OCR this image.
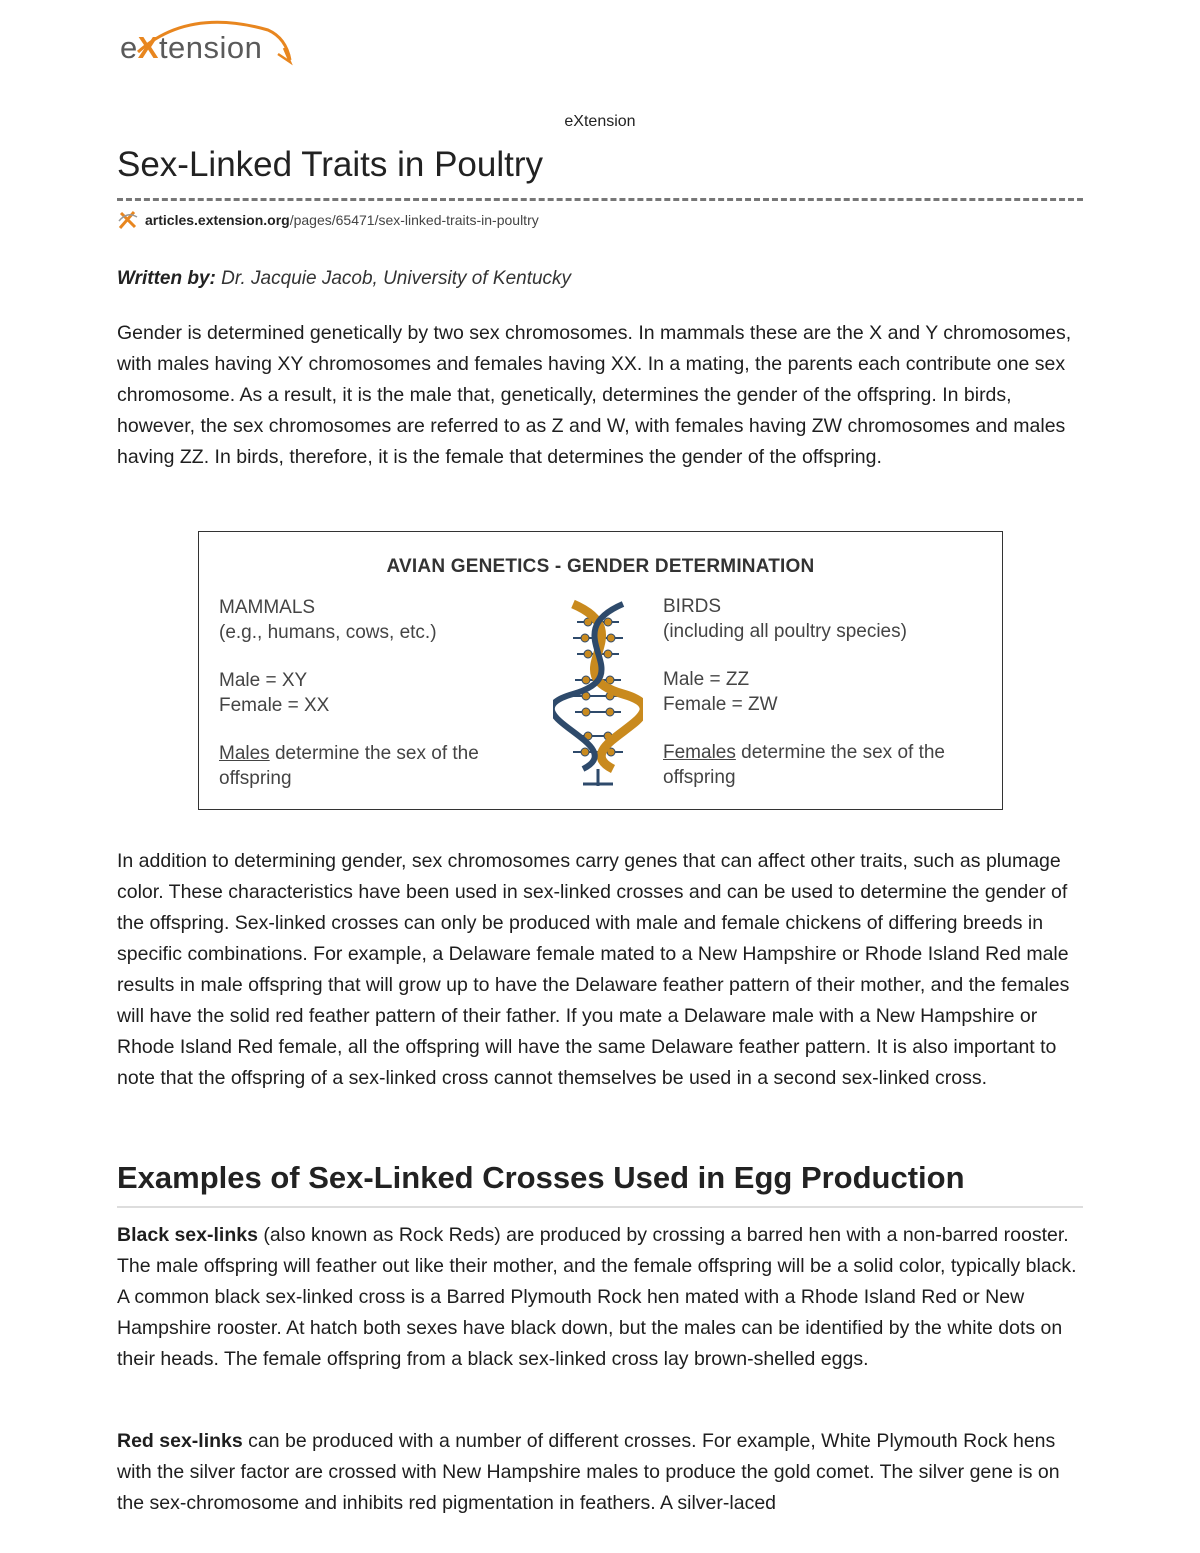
eXtension
eXtension
Sex-Linked Traits in Poultry
articles.extension.org /pages/65471/sex-linked-traits-in-poultry
Written by: Dr. Jacquie Jacob, University of Kentucky

Gender is determined genetically by two sex chromosomes. In mammals these are the X and Y chromosomes, with males having XY chromosomes and females having XX. In a mating, the parents each contribute one sex chromosome. As a result, it is the male that, genetically, determines the gender of the offspring. In birds, however, the sex chromosomes are referred to as Z and W, with females having ZW chromosomes and males having ZZ. In birds, therefore, it is the female that determines the gender of the offspring.

AVIAN GENETICS - GENDER DETERMINATION

MAMMALS
(e.g., humans, cows, etc.)

Male = XY
Female = XX

Males determine the sex of the offspring

BIRDS
(including all poultry species)

Male = ZZ
Female = ZW

Females determine the sex of the offspring

In addition to determining gender, sex chromosomes carry genes that can affect other traits, such as plumage color. These characteristics have been used in sex-linked crosses and can be used to determine the gender of the offspring. Sex-linked crosses can only be produced with male and female chickens of differing breeds in specific combinations. For example, a Delaware female mated to a New Hampshire or Rhode Island Red male results in male offspring that will grow up to have the Delaware feather pattern of their mother, and the females will have the solid red feather pattern of their father. If you mate a Delaware male with a New Hampshire or Rhode Island Red female, all the offspring will have the same Delaware feather pattern. It is also important to note that the offspring of a sex-linked cross cannot themselves be used in a second sex-linked cross.

Examples of Sex-Linked Crosses Used in Egg Production

Black sex-links (also known as Rock Reds) are produced by crossing a barred hen with a non-barred rooster. The male offspring will feather out like their mother, and the female offspring will be a solid color, typically black. A common black sex-linked cross is a Barred Plymouth Rock hen mated with a Rhode Island Red or New Hampshire rooster. At hatch both sexes have black down, but the males can be identified by the white dots on their heads. The female offspring from a black sex-linked cross lay brown-shelled eggs.

Red sex-links can be produced with a number of different crosses. For example, White Plymouth Rock hens with the silver factor are crossed with New Hampshire males to produce the gold comet. The silver gene is on the sex-chromosome and inhibits red pigmentation in feathers. A silver-laced
